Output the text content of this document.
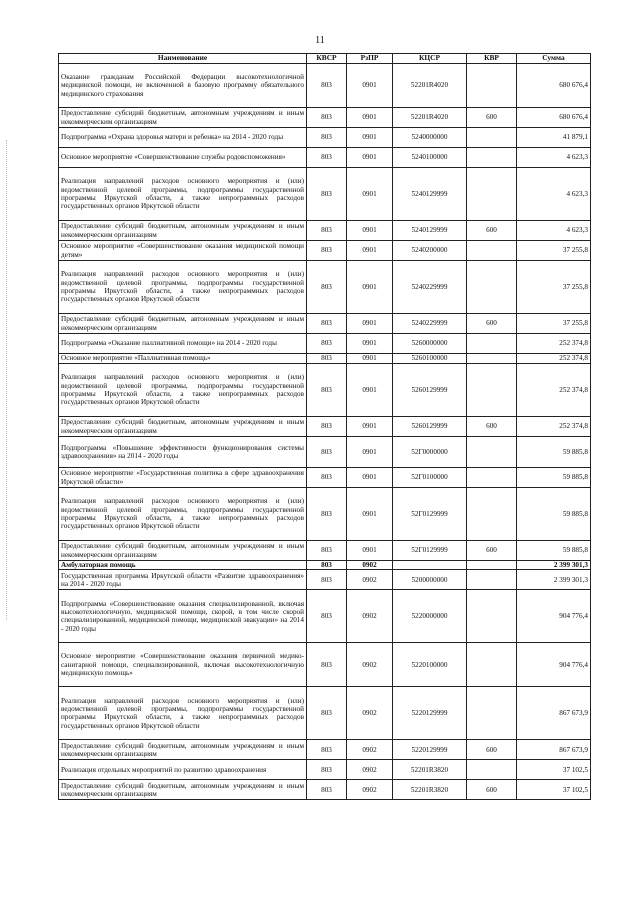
11
Наименование	КВСР	РзПР	КЦСР	КВР	Сумма
Оказание гражданам Российской Федерации высокотехнологичной медицинской помощи, не включенной в базовую программу обязательного медицинского страхования	803	0901	52201R4020		680 676,4
Предоставление субсидий бюджетным, автономным учреждениям и иным некоммерческим организациям	803	0901	52201R4020	600	680 676,4
Подпрограмма «Охрана здоровья матери и ребенка» на 2014 - 2020 годы	803	0901	5240000000		41 879,1
Основное мероприятие «Совершенствование службы родовспоможения»	803	0901	5240100000		4 623,3
Реализация направлений расходов основного мероприятия и (или) ведомственной целевой программы, подпрограммы государственной программы Иркутской области, а также непрограммных расходов государственных органов Иркутской области	803	0901	5240129999		4 623,3
Предоставление субсидий бюджетным, автономным учреждениям и иным некоммерческим организациям	803	0901	5240129999	600	4 623,3
Основное мероприятие «Совершенствование оказания медицинской помощи детям»	803	0901	5240200000		37 255,8
Реализация направлений расходов основного мероприятия и (или) ведомственной целевой программы, подпрограммы государственной программы Иркутской области, а также непрограммных расходов государственных органов Иркутской области	803	0901	5240229999		37 255,8
Предоставление субсидий бюджетным, автономным учреждениям и иным некоммерческим организациям	803	0901	5240229999	600	37 255,8
Подпрограмма «Оказание паллиативной помощи» на 2014 - 2020 годы	803	0901	5260000000		252 374,8
Основное мероприятие «Паллиативная помощь»	803	0901	5260100000		252 374,8
Реализация направлений расходов основного мероприятия и (или) ведомственной целевой программы, подпрограммы государственной программы Иркутской области, а также непрограммных расходов государственных органов Иркутской области	803	0901	5260129999		252 374,8
Предоставление субсидий бюджетным, автономным учреждениям и иным некоммерческим организациям	803	0901	5260129999	600	252 374,8
Подпрограмма «Повышение эффективности функционирования системы здравоохранения» на 2014 - 2020 годы	803	0901	52Г0000000		59 885,8
Основное мероприятие «Государственная политика в сфере здравоохранения Иркутской области»	803	0901	52Г0100000		59 885,8
Реализация направлений расходов основного мероприятия и (или) ведомственной целевой программы, подпрограммы государственной программы Иркутской области, а также непрограммных расходов государственных органов Иркутской области	803	0901	52Г0129999		59 885,8
Предоставление субсидий бюджетным, автономным учреждениям и иным некоммерческим организациям	803	0901	52Г0129999	600	59 885,8
Амбулаторная помощь	803	0902			2 399 301,3
Государственная программа Иркутской области «Развитие здравоохранения» на 2014 - 2020 годы	803	0902	5200000000		2 399 301,3
Подпрограмма «Совершенствование оказания специализированной, включая высокотехнологичную, медицинской помощи, скорой, в том числе скорой специализированной, медицинской помощи, медицинской эвакуации» на 2014 - 2020 годы	803	0902	5220000000		904 776,4
Основное мероприятие «Совершенствование оказания первичной медико-санитарной помощи, специализированной, включая высокотехнологичную медицинскую помощь»	803	0902	5220100000		904 776,4
Реализация направлений расходов основного мероприятия и (или) ведомственной целевой программы, подпрограммы государственной программы Иркутской области, а также непрограммных расходов государственных органов Иркутской области	803	0902	5220129999		867 673,9
Предоставление субсидий бюджетным, автономным учреждениям и иным некоммерческим организациям	803	0902	5220129999	600	867 673,9
Реализация отдельных мероприятий по развитию здравоохранения	803	0902	52201R3820		37 102,5
Предоставление субсидий бюджетным, автономным учреждениям и иным некоммерческим организациям	803	0902	52201R3820	600	37 102,5
